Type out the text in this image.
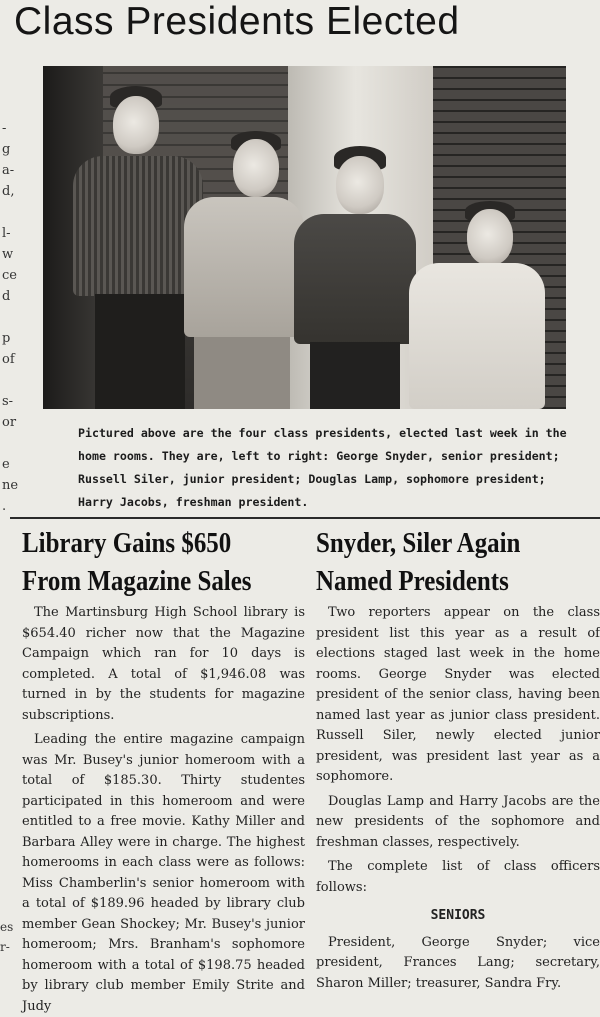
Class Presidents Elected
-
g
a-
d,
l-
w
ce
d
p
of
s-
or
e
ne
.
es
r-

Pictured above are the four class presidents, elected last week in the home rooms. They are, left to right: George Snyder, senior president; Russell Siler, junior president; Douglas Lamp, sophomore president; Harry Jacobs, freshman president.

Library Gains $650
From Magazine Sales

The Martinsburg High School library is $654.40 richer now that the Magazine Campaign which ran for 10 days is completed. A total of $1,946.08 was turned in by the students for magazine subscriptions.

Leading the entire magazine campaign was Mr. Busey's junior homeroom with a total of $185.30. Thirty studentes participated in this homeroom and were entitled to a free movie. Kathy Miller and Barbara Alley were in charge. The highest homerooms in each class were as follows: Miss Chamberlin's senior homeroom with a total of $189.96 headed by library club member Gean Shockey; Mr. Busey's junior homeroom; Mrs. Branham's sophomore homeroom with a total of $198.75 headed by library club member Emily Strite and Judy

Snyder, Siler Again
Named Presidents

Two reporters appear on the class president list this year as a result of elections staged last week in the home rooms. George Snyder was elected president of the senior class, having been named last year as junior class president. Russell Siler, newly elected junior president, was president last year as a sophomore.

Douglas Lamp and Harry Jacobs are the new presidents of the sophomore and freshman classes, respectively.

The complete list of class officers follows:

SENIORS

President, George Snyder; vice president, Frances Lang; secretary, Sharon Miller; treasurer, Sandra Fry.
